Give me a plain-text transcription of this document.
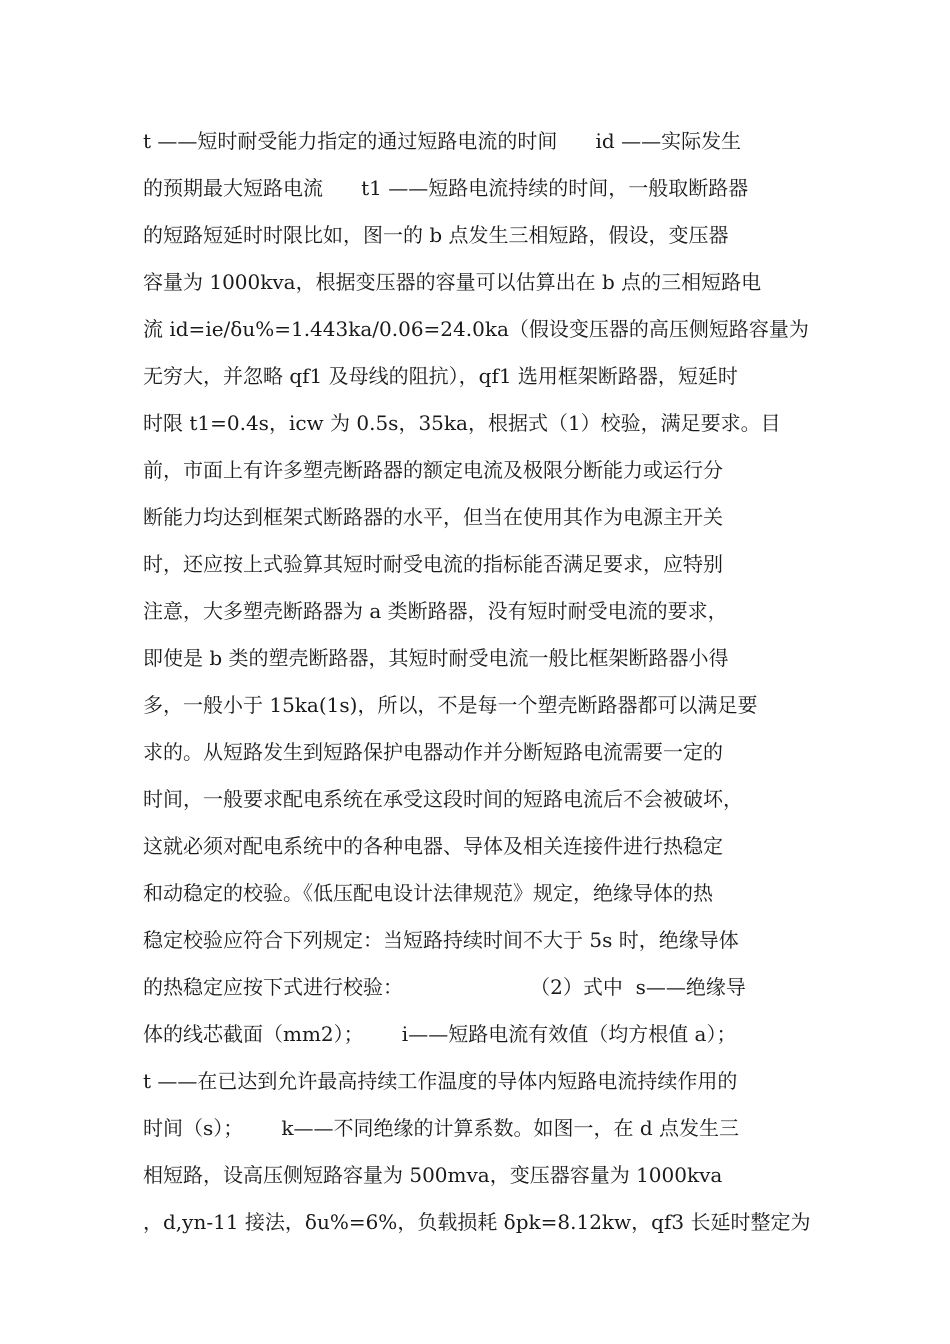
t ——短时耐受能力指定的通过短路电流的时间      id ——实际发生
的预期最大短路电流      t1 ——短路电流持续的时间，一般取断路器
的短路短延时时限比如，图一的 b 点发生三相短路，假设，变压器
容量为 1000kva，根据变压器的容量可以估算出在 b 点的三相短路电
流 id=ie/δu%=1.443ka/0.06=24.0ka（假设变压器的高压侧短路容量为
无穷大，并忽略 qf1 及母线的阻抗），qf1 选用框架断路器，短延时
时限 t1=0.4s，icw 为 0.5s，35ka，根据式（1）校验，满足要求。目
前，市面上有许多塑壳断路器的额定电流及极限分断能力或运行分
断能力均达到框架式断路器的水平，但当在使用其作为电源主开关
时，还应按上式验算其短时耐受电流的指标能否满足要求，应特别
注意，大多塑壳断路器为 a 类断路器，没有短时耐受电流的要求，
即使是 b 类的塑壳断路器，其短时耐受电流一般比框架断路器小得
多，一般小于 15ka(1s)，所以，不是每一个塑壳断路器都可以满足要
求的。从短路发生到短路保护电器动作并分断短路电流需要一定的
时间，一般要求配电系统在承受这段时间的短路电流后不会被破坏，
这就必须对配电系统中的各种电器、导体及相关连接件进行热稳定
和动稳定的校验。《低压配电设计法律规范》规定，绝缘导体的热
稳定校验应符合下列规定：当短路持续时间不大于 5s 时，绝缘导体
的热稳定应按下式进行校验：                    （2）式中  s——绝缘导
体的线芯截面（mm2）；      i——短路电流有效值（均方根值 a）；
t ——在已达到允许最高持续工作温度的导体内短路电流持续作用的
时间（s）；      k——不同绝缘的计算系数。如图一，在 d 点发生三
相短路，设高压侧短路容量为 500mva，变压器容量为 1000kva
，d,yn-11 接法，δu%=6%，负载损耗 δpk=8.12kw，qf3 长延时整定为
